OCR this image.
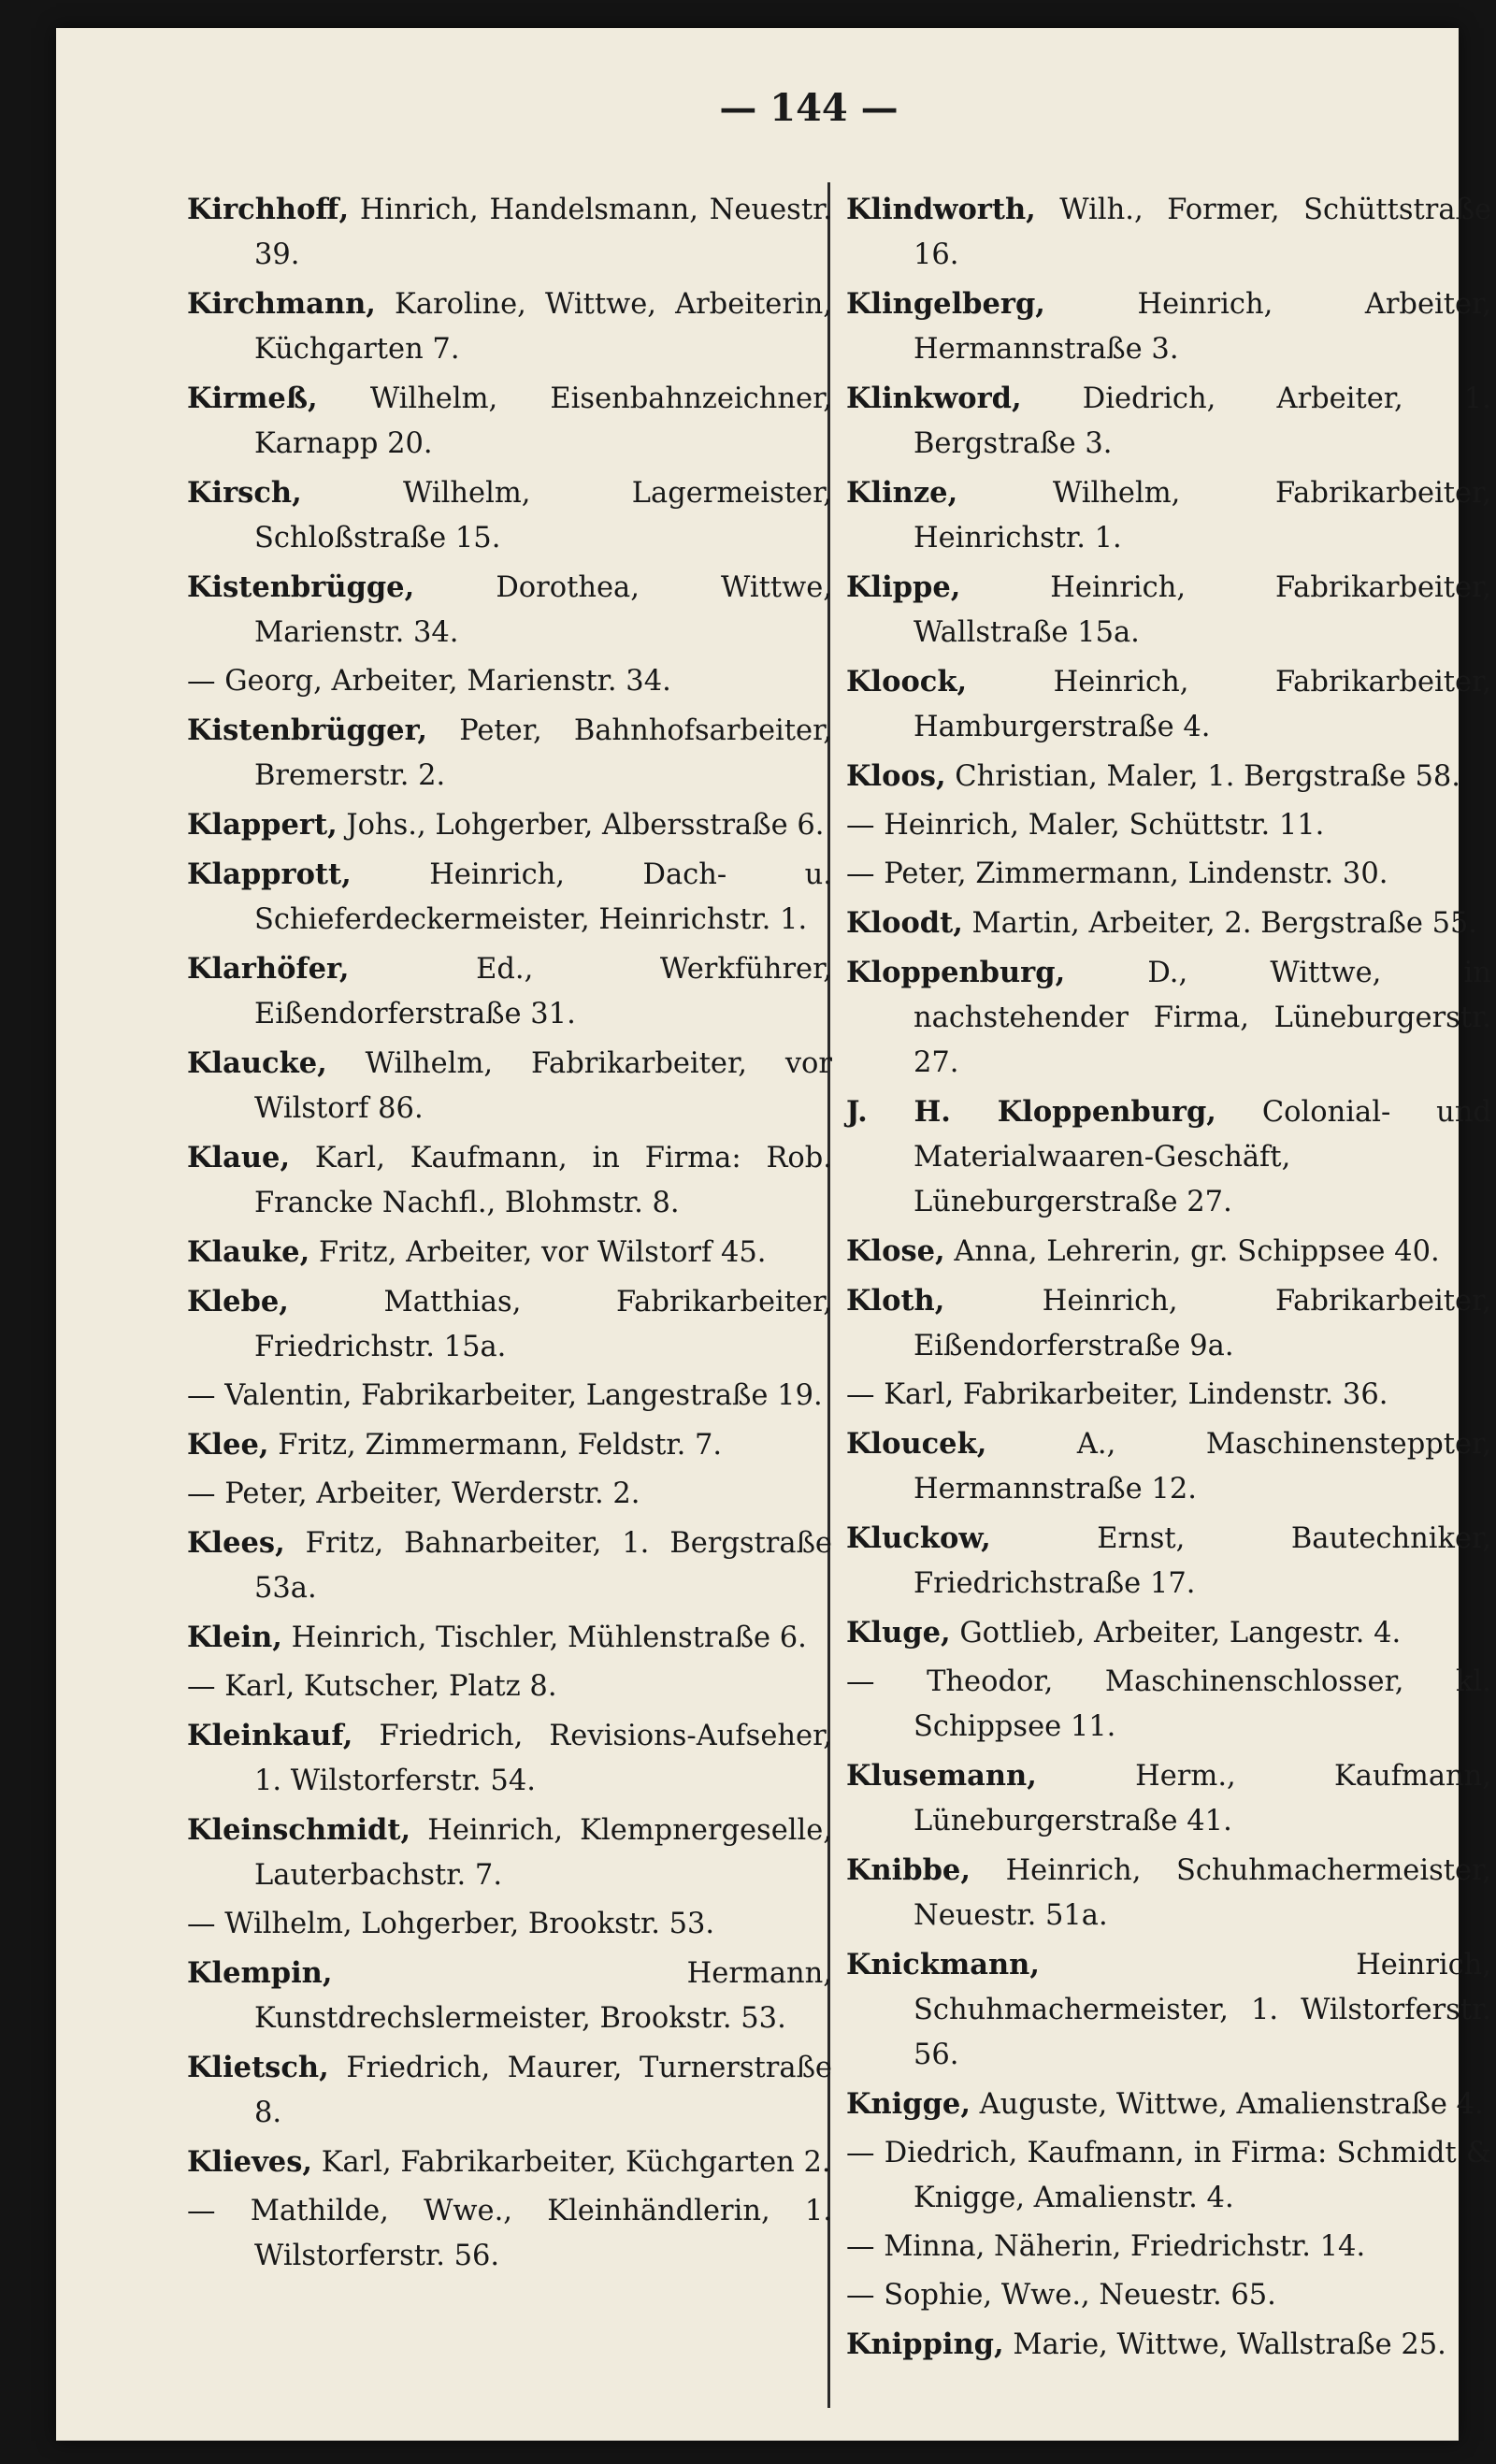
— 144 —

Kirchhoff, Hinrich, Handelsmann, Neuestr. 39.

Kirchmann, Karoline, Wittwe, Arbeiterin, Küchgarten 7.

Kirmeß, Wilhelm, Eisenbahnzeichner, Karnapp 20.

Kirsch, Wilhelm, Lagermeister, Schloßstraße 15.

Kistenbrügge, Dorothea, Wittwe, Marienstr. 34.

— Georg, Arbeiter, Marienstr. 34.

Kistenbrügger, Peter, Bahnhofsarbeiter, Bremerstr. 2.

Klappert, Johs., Lohgerber, Albersstraße 6.

Klapprott, Heinrich, Dach- u. Schieferdeckermeister, Heinrichstr. 1.

Klarhöfer, Ed., Werkführer, Eißendorferstraße 31.

Klaucke, Wilhelm, Fabrikarbeiter, vor Wilstorf 86.

Klaue, Karl, Kaufmann, in Firma: Rob. Francke Nachfl., Blohmstr. 8.

Klauke, Fritz, Arbeiter, vor Wilstorf 45.

Klebe, Matthias, Fabrikarbeiter, Friedrichstr. 15a.

— Valentin, Fabrikarbeiter, Langestraße 19.

Klee, Fritz, Zimmermann, Feldstr. 7.

— Peter, Arbeiter, Werderstr. 2.

Klees, Fritz, Bahnarbeiter, 1. Bergstraße 53a.

Klein, Heinrich, Tischler, Mühlenstraße 6.

— Karl, Kutscher, Platz 8.

Kleinkauf, Friedrich, Revisions-Aufseher, 1. Wilstorferstr. 54.

Kleinschmidt, Heinrich, Klempnergeselle, Lauterbachstr. 7.

— Wilhelm, Lohgerber, Brookstr. 53.

Klempin, Hermann, Kunstdrechslermeister, Brookstr. 53.

Klietsch, Friedrich, Maurer, Turnerstraße 8.

Klieves, Karl, Fabrikarbeiter, Küchgarten 2.

— Mathilde, Wwe., Kleinhändlerin, 1. Wilstorferstr. 56.

Klindworth, Wilh., Former, Schüttstraße 16.

Klingelberg, Heinrich, Arbeiter, Hermannstraße 3.

Klinkword, Diedrich, Arbeiter, 1. Bergstraße 3.

Klinze, Wilhelm, Fabrikarbeiter, Heinrichstr. 1.

Klippe, Heinrich, Fabrikarbeiter, Wallstraße 15a.

Kloock, Heinrich, Fabrikarbeiter, Hamburgerstraße 4.

Kloos, Christian, Maler, 1. Bergstraße 58.

— Heinrich, Maler, Schüttstr. 11.

— Peter, Zimmermann, Lindenstr. 30.

Kloodt, Martin, Arbeiter, 2. Bergstraße 55.

Kloppenburg, D., Wittwe, in nachstehender Firma, Lüneburgerstr. 27.

J. H. Kloppenburg, Colonial- und Materialwaaren-Geschäft, Lüneburgerstraße 27.

Klose, Anna, Lehrerin, gr. Schippsee 40.

Kloth, Heinrich, Fabrikarbeiter, Eißendorferstraße 9a.

— Karl, Fabrikarbeiter, Lindenstr. 36.

Kloucek, A., Maschinensteppter, Hermannstraße 12.

Kluckow, Ernst, Bautechniker, Friedrichstraße 17.

Kluge, Gottlieb, Arbeiter, Langestr. 4.

— Theodor, Maschinenschlosser, kl. Schippsee 11.

Klusemann, Herm., Kaufmann, Lüneburgerstraße 41.

Knibbe, Heinrich, Schuhmachermeister, Neuestr. 51a.

Knickmann, Heinrich, Schuhmachermeister, 1. Wilstorferstr. 56.

Knigge, Auguste, Wittwe, Amalienstraße 4.

— Diedrich, Kaufmann, in Firma: Schmidt & Knigge, Amalienstr. 4.

— Minna, Näherin, Friedrichstr. 14.

— Sophie, Wwe., Neuestr. 65.

Knipping, Marie, Wittwe, Wallstraße 25.
